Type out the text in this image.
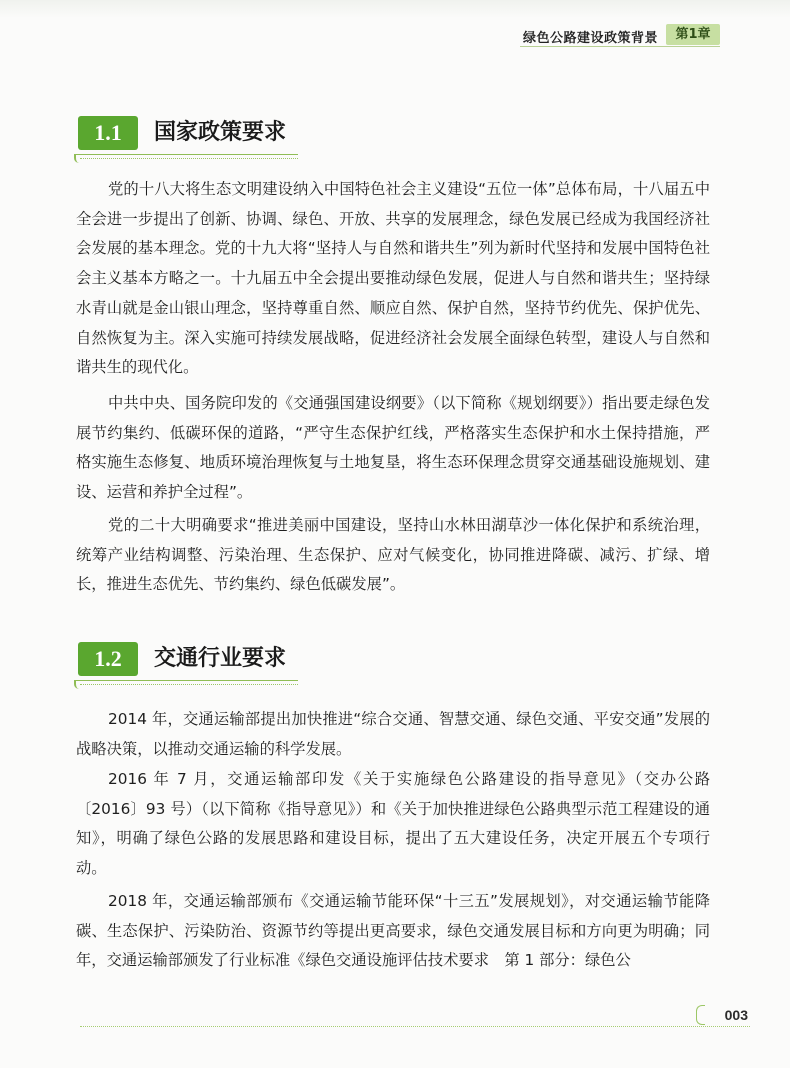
绿色公路建设政策背景	第1章
1.1	国家政策要求

党的十八大将生态文明建设纳入中国特色社会主义建设“五位一体”总体布局，十八届五中全会进一步提出了创新、协调、绿色、开放、共享的发展理念，绿色发展已经成为我国经济社会发展的基本理念。党的十九大将“坚持人与自然和谐共生”列为新时代坚持和发展中国特色社会主义基本方略之一。十九届五中全会提出要推动绿色发展，促进人与自然和谐共生；坚持绿水青山就是金山银山理念，坚持尊重自然、顺应自然、保护自然，坚持节约优先、保护优先、自然恢复为主。深入实施可持续发展战略，促进经济社会发展全面绿色转型，建设人与自然和谐共生的现代化。

中共中央、国务院印发的《交通强国建设纲要》（以下简称《规划纲要》）指出要走绿色发展节约集约、低碳环保的道路，“严守生态保护红线，严格落实生态保护和水土保持措施，严格实施生态修复、地质环境治理恢复与土地复垦，将生态环保理念贯穿交通基础设施规划、建设、运营和养护全过程”。

党的二十大明确要求“推进美丽中国建设，坚持山水林田湖草沙一体化保护和系统治理，统筹产业结构调整、污染治理、生态保护、应对气候变化，协同推进降碳、减污、扩绿、增长，推进生态优先、节约集约、绿色低碳发展”。

1.2	交通行业要求

2014 年，交通运输部提出加快推进“综合交通、智慧交通、绿色交通、平安交通”发展的战略决策，以推动交通运输的科学发展。

2016 年 7 月，交通运输部印发《关于实施绿色公路建设的指导意见》（交办公路〔2016〕93 号）（以下简称《指导意见》）和《关于加快推进绿色公路典型示范工程建设的通知》，明确了绿色公路的发展思路和建设目标，提出了五大建设任务，决定开展五个专项行动。

2018 年，交通运输部颁布《交通运输节能环保“十三五”发展规划》，对交通运输节能降碳、生态保护、污染防治、资源节约等提出更高要求，绿色交通发展目标和方向更为明确；同年，交通运输部颁发了行业标准《绿色交通设施评估技术要求　第 1 部分：绿色公

003
